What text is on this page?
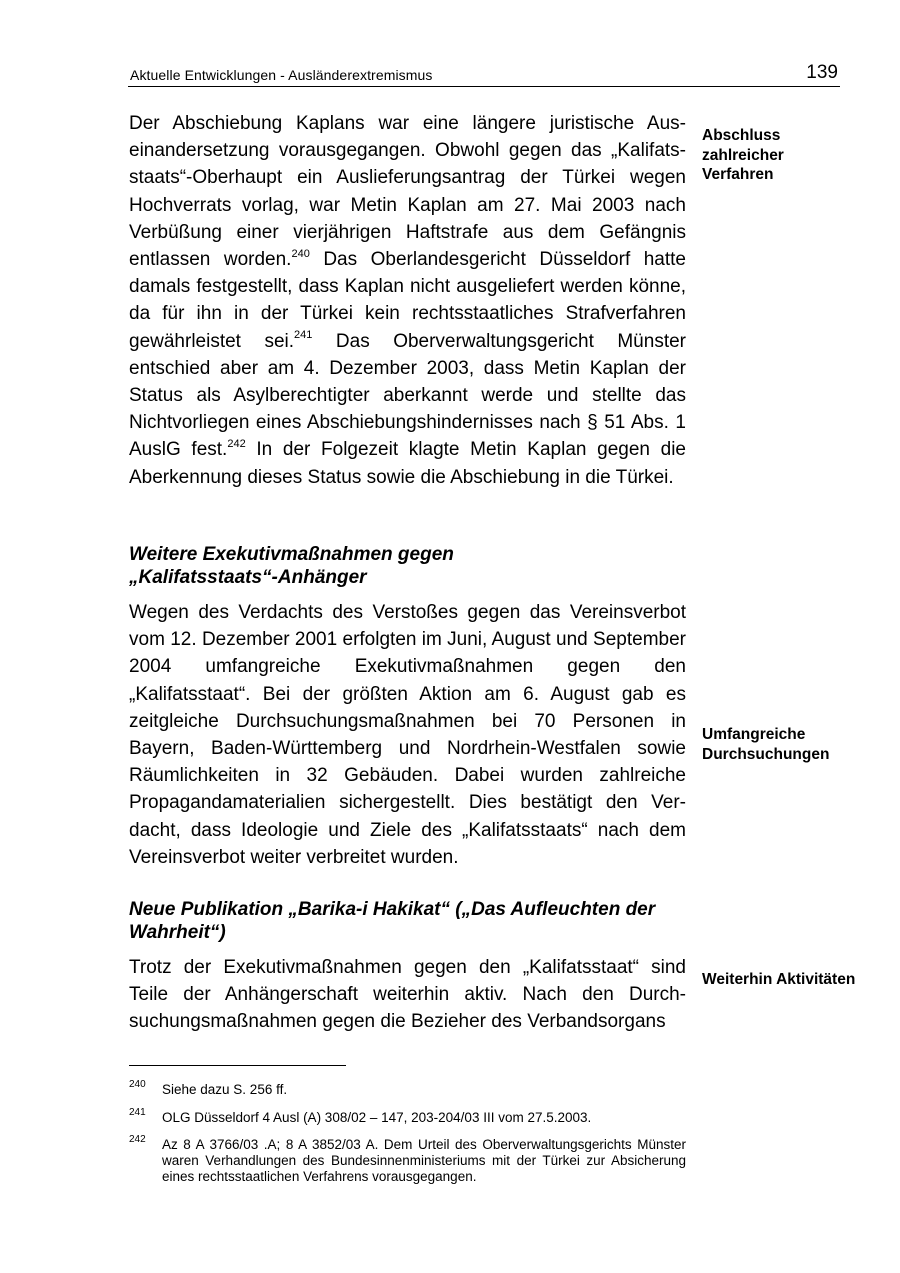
Aktuelle Entwicklungen - Ausländerextremismus	139

Der Abschiebung Kaplans war eine längere juristische Auseinandersetzung vorausgegangen. Obwohl gegen das „Kalifatsstaats“-Oberhaupt ein Auslieferungsantrag der Türkei wegen Hochverrats vorlag, war Metin Kaplan am 27. Mai 2003 nach Verbüßung einer vierjährigen Haftstrafe aus dem Gefängnis entlassen worden.$^{240}$ Das Oberlandesgericht Düsseldorf hatte damals festgestellt, dass Kaplan nicht ausgeliefert werden könne, da für ihn in der Türkei kein rechtsstaatliches Strafverfahren gewährleistet sei.$^{241}$ Das Oberverwaltungsgericht Münster entschied aber am 4. Dezember 2003, dass Metin Kaplan der Status als Asylberechtigter aberkannt werde und stellte das Nichtvorliegen eines Abschiebungshindernisses nach § 51 Abs. 1 AuslG fest.$^{242}$ In der Folgezeit klagte Metin Kaplan gegen die Aberkennung dieses Status sowie die Abschiebung in die Türkei.

Abschluss
zahlreicher
Verfahren
Weitere Exekutivmaßnahmen gegen
„Kalifatsstaats“-Anhänger

Wegen des Verdachts des Verstoßes gegen das Vereinsverbot vom 12. Dezember 2001 erfolgten im Juni, August und September 2004 umfangreiche Exekutivmaßnahmen gegen den „Kalifatsstaat“. Bei der größten Aktion am 6. August gab es zeitgleiche Durchsuchungsmaßnahmen bei 70 Personen in Bayern, Baden-Württemberg und Nordrhein-Westfalen sowie Räumlichkeiten in 32 Gebäuden. Dabei wurden zahlreiche Propagandamaterialien sichergestellt. Dies bestätigt den Verdacht, dass Ideologie und Ziele des „Kalifatsstaats“ nach dem Vereinsverbot weiter verbreitet wurden.

Umfangreiche
Durchsuchungen
Neue Publikation „Barika-i Hakikat“ („Das Aufleuchten der
Wahrheit“)

Trotz der Exekutivmaßnahmen gegen den „Kalifatsstaat“ sind Teile der Anhängerschaft weiterhin aktiv. Nach den Durchsuchungsmaßnahmen gegen die Bezieher des Verbandsorgans

Weiterhin Aktivitäten
240 Siehe dazu S. 256 ff.
241 OLG Düsseldorf 4 Ausl (A) 308/02 – 147, 203-204/03 III vom 27.5.2003.
242 Az 8 A 3766/03 .A; 8 A 3852/03 A. Dem Urteil des Oberverwaltungsgerichts Münster waren Verhandlungen des Bundesinnenministeriums mit der Türkei zur Absicherung eines rechtsstaatlichen Verfahrens vorausgegangen.
